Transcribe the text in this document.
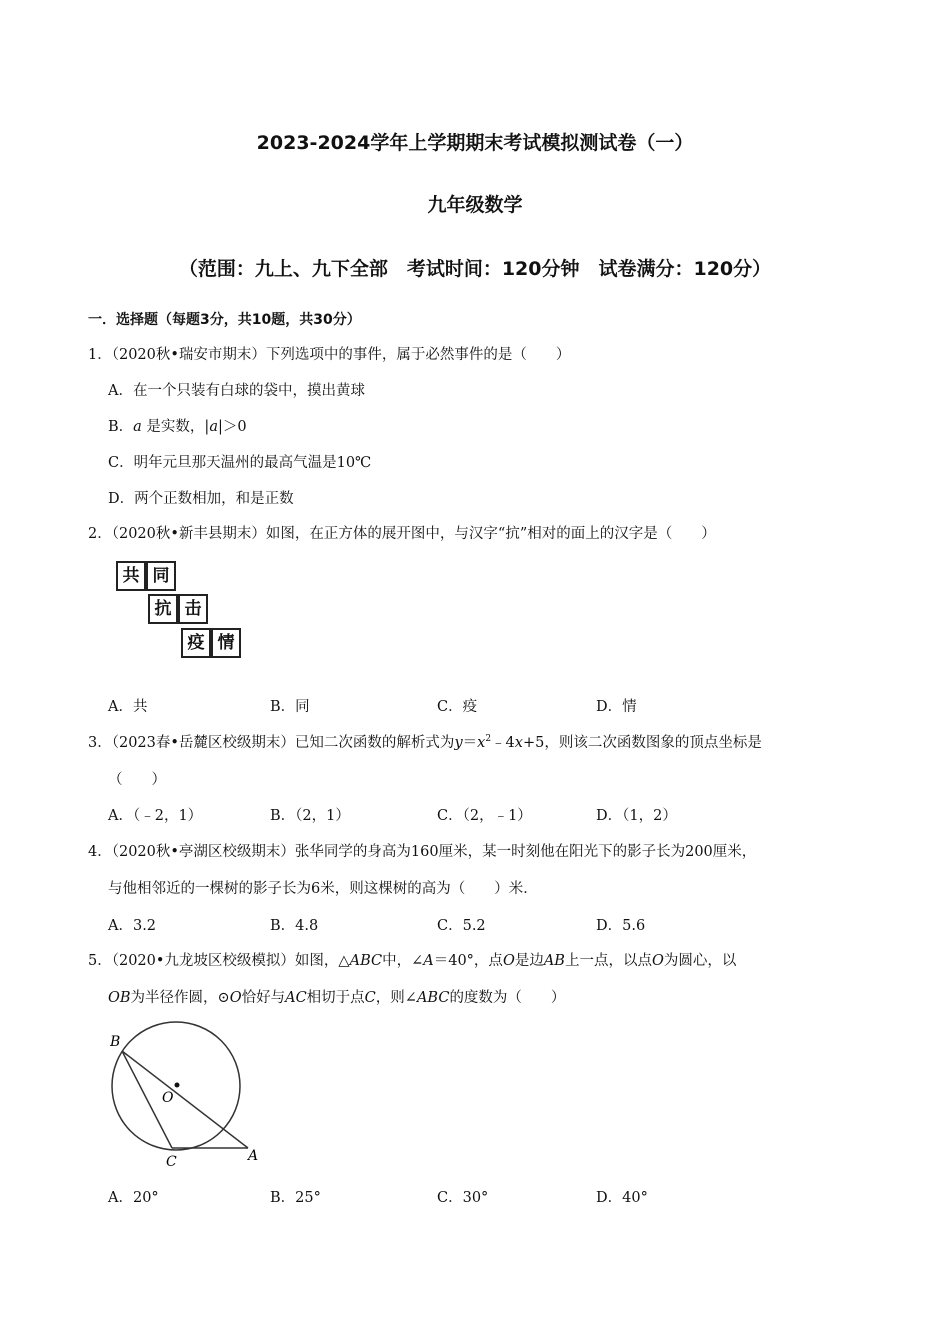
2023-2024学年上学期期末考试模拟测试卷（一）
九年级数学
（范围：九上、九下全部　考试时间：120分钟　试卷满分：120分）
一．选择题（每题3分，共10题，共30分）
1．（2020秋•瑞安市期末）下列选项中的事件，属于必然事件的是（　　）
A．在一个只装有白球的袋中，摸出黄球
B．a 是实数，|a|＞0
C．明年元旦那天温州的最高气温是10℃
D．两个正数相加，和是正数
2．（2020秋•新丰县期末）如图，在正方体的展开图中，与汉字“抗”相对的面上的汉字是（　　）
共 同
抗 击
疫 情
A．共	B．同	C．疫	D．情
3．（2023春•岳麓区校级期末）已知二次函数的解析式为$y=x^2﹣4x+5$，则该二次函数图象的顶点坐标是
（　　）
A．（﹣2，1）	B．（2，1）	C．（2，﹣1）	D．（1，2）
4．（2020秋•亭湖区校级期末）张华同学的身高为160厘米，某一时刻他在阳光下的影子长为200厘米，
与他相邻近的一棵树的影子长为6米，则这棵树的高为（　　）米．
A．3.2	B．4.8	C．5.2	D．5.6
5．（2020•九龙坡区校级模拟）如图，△ABC中，∠A＝40°，点O是边AB上一点，以点O为圆心，以
OB为半径作圆，⊙O恰好与AC相切于点C，则∠ABC的度数为（　　）
B
O
C	A
A．20°	B．25°	C．30°	D．40°
